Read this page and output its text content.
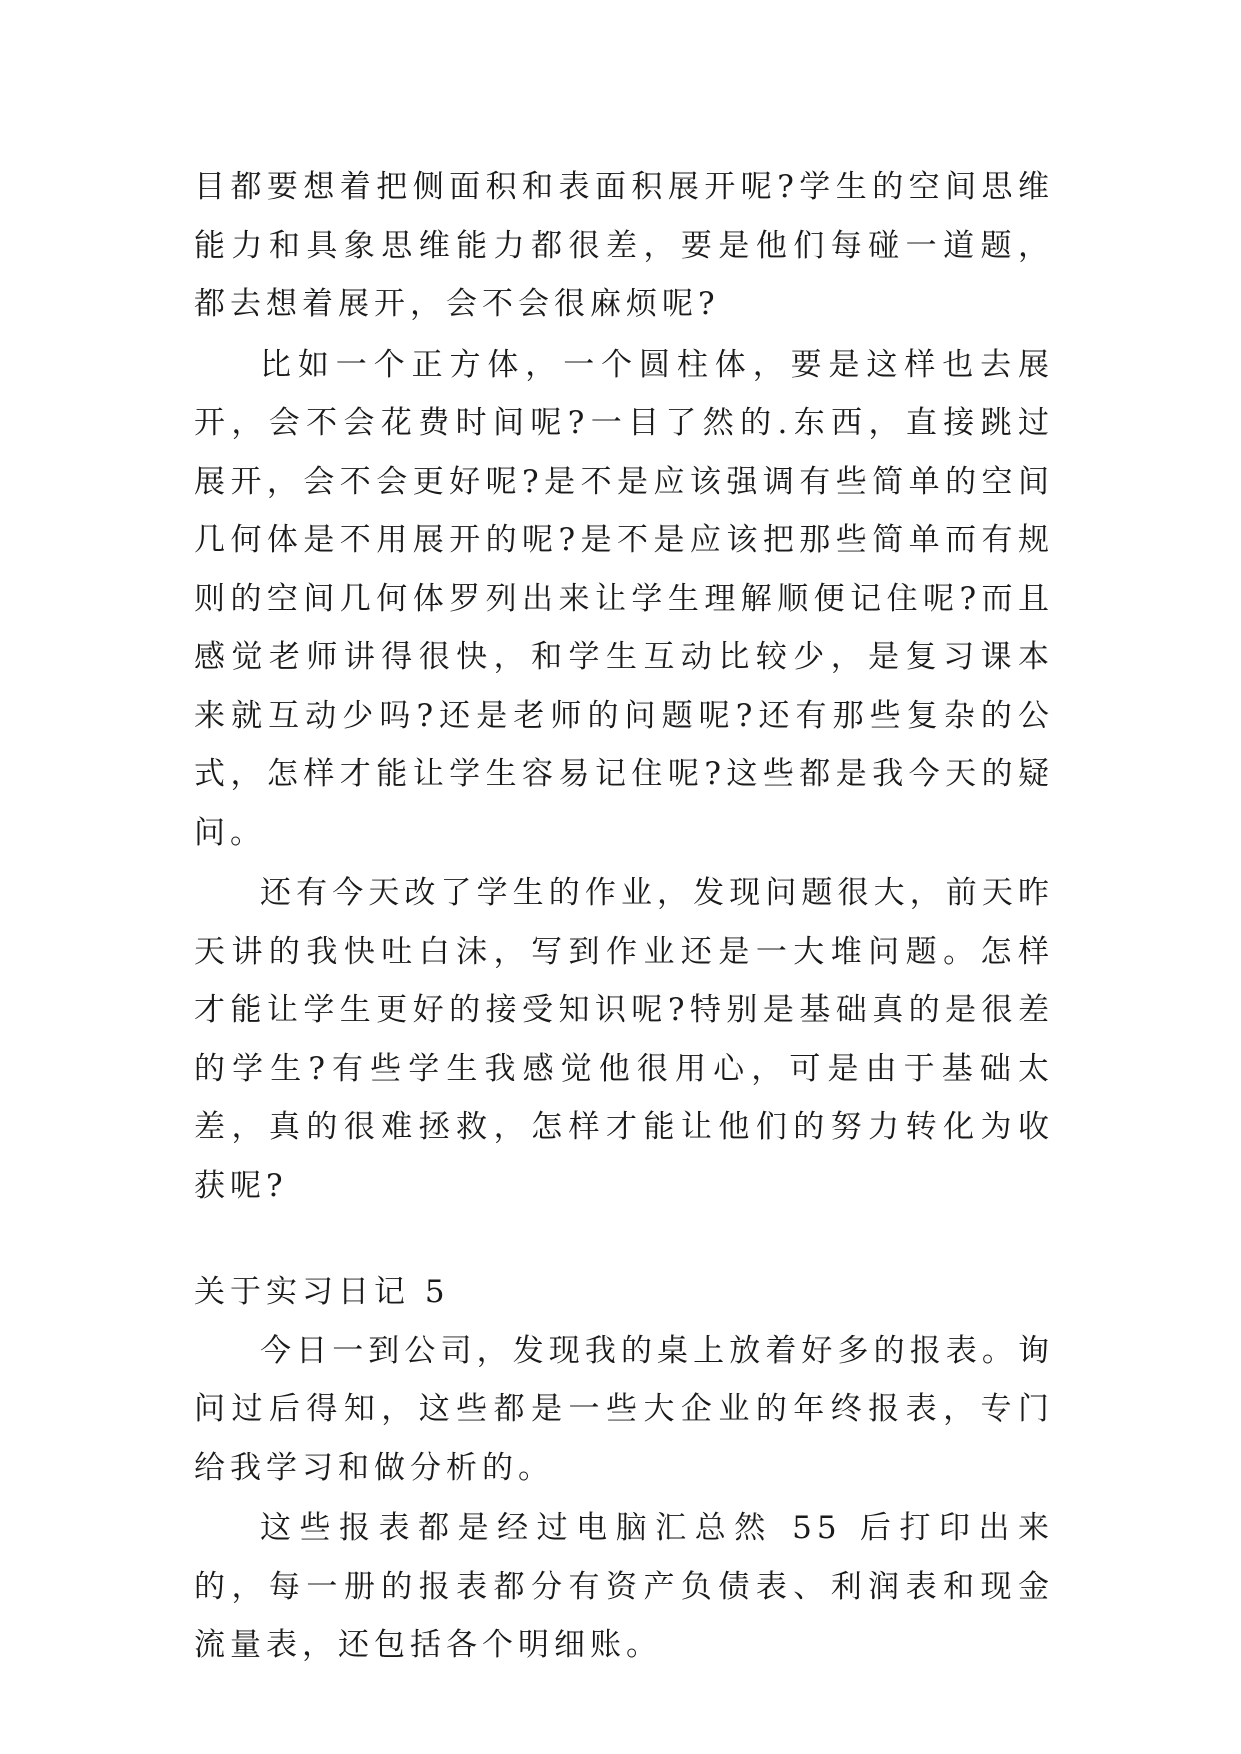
目都要想着把侧面积和表面积展开呢?学生的空间思维能力和具象思维能力都很差，要是他们每碰一道题，都去想着展开，会不会很麻烦呢?

比如一个正方体，一个圆柱体，要是这样也去展开，会不会花费时间呢?一目了然的.东西，直接跳过展开，会不会更好呢?是不是应该强调有些简单的空间几何体是不用展开的呢?是不是应该把那些简单而有规则的空间几何体罗列出来让学生理解顺便记住呢?而且感觉老师讲得很快，和学生互动比较少，是复习课本来就互动少吗?还是老师的问题呢?还有那些复杂的公式，怎样才能让学生容易记住呢?这些都是我今天的疑问。

还有今天改了学生的作业，发现问题很大，前天昨天讲的我快吐白沫，写到作业还是一大堆问题。怎样才能让学生更好的接受知识呢?特别是基础真的是很差的学生?有些学生我感觉他很用心，可是由于基础太差，真的很难拯救，怎样才能让他们的努力转化为收获呢?

关于实习日记 5

今日一到公司，发现我的桌上放着好多的报表。询问过后得知，这些都是一些大企业的年终报表，专门给我学习和做分析的。

这些报表都是经过电脑汇总然 55 后打印出来的，每一册的报表都分有资产负债表、利润表和现金流量表，还包括各个明细账。
